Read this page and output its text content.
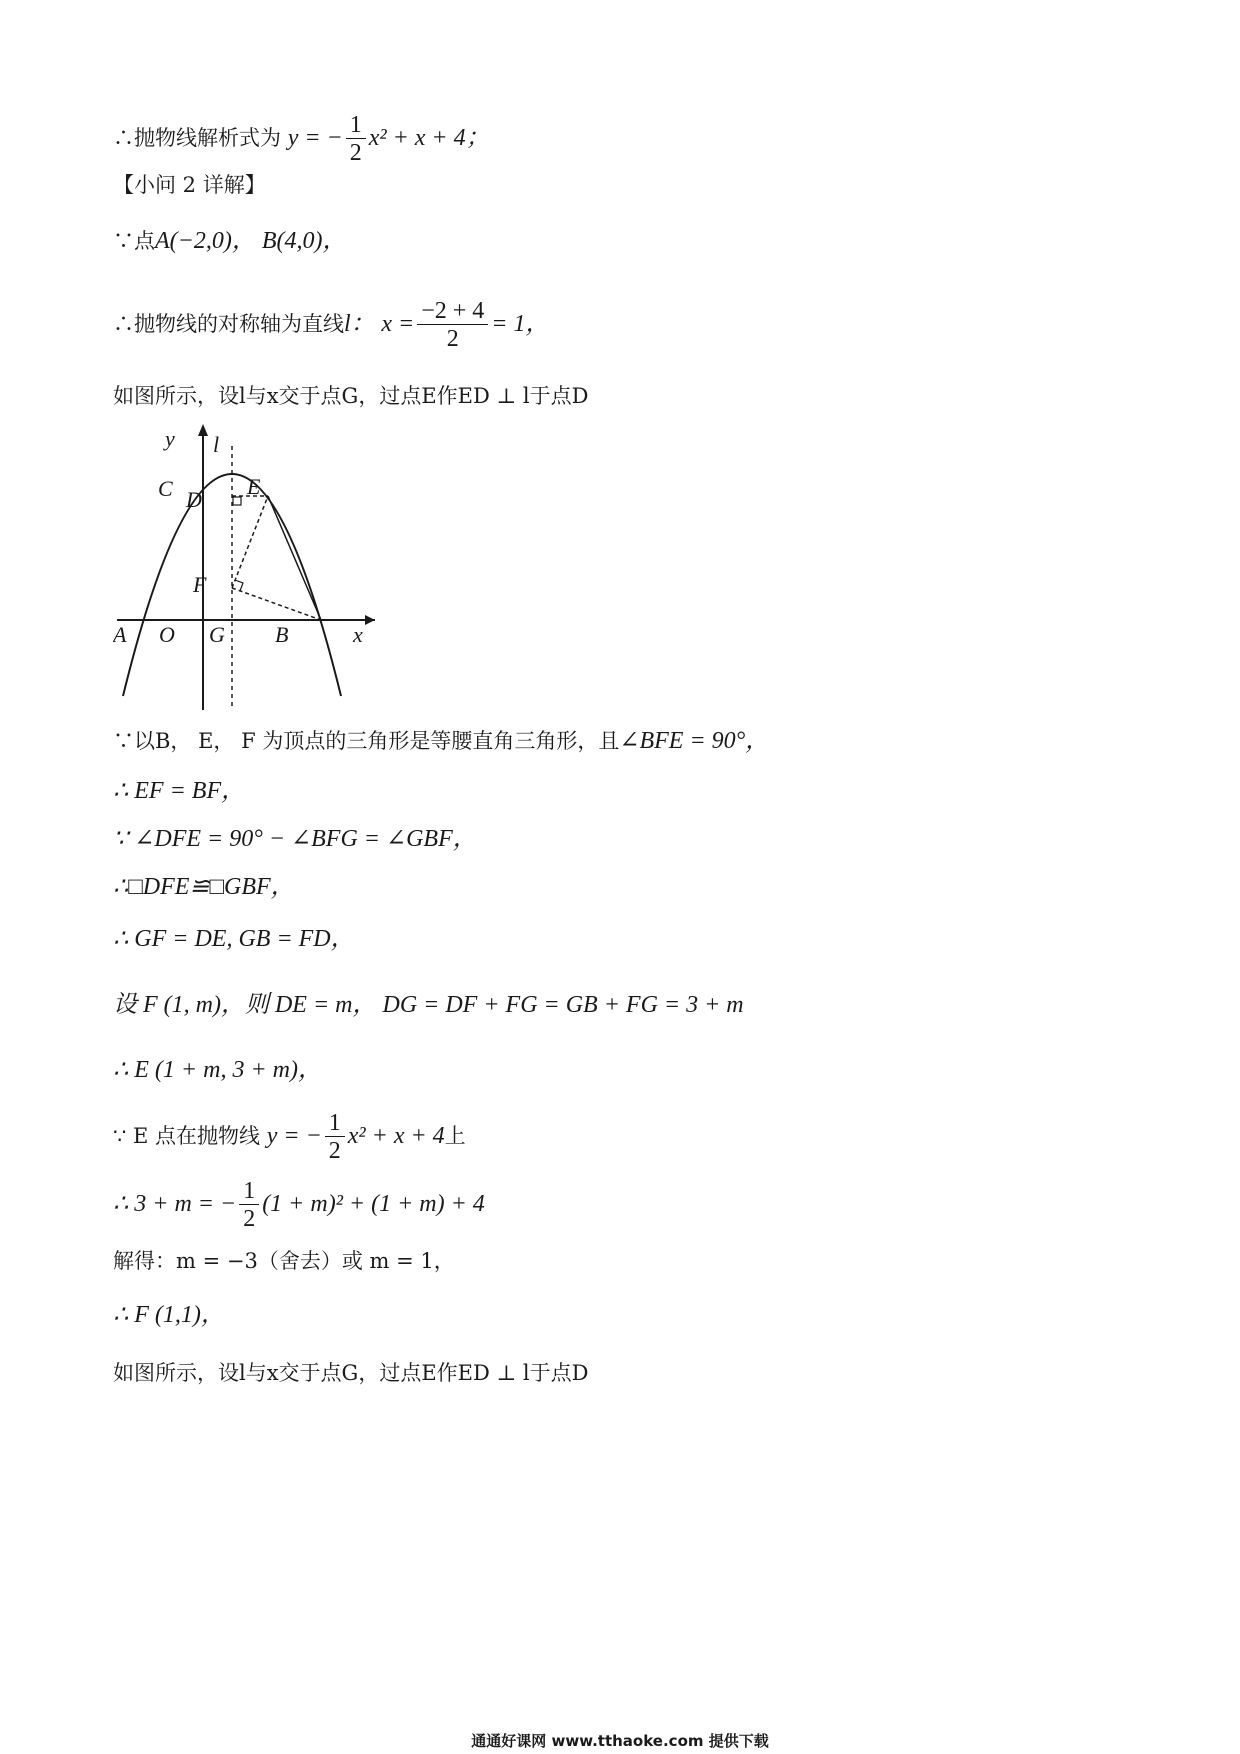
∴抛物线解析式为 y = − $\frac{1}{2} x^2 + x + 4$；
【小问 2 详解】
∵点A(−2,0)， B(4,0)，
∴抛物线的对称轴为直线l： $x = \frac{-2 + 4}{2} = 1$，
如图所示，设l与x交于点G，过点E作ED ⊥ l于点D
y l
C D
E
F
A O G B	x
∵以B， E， F 为顶点的三角形是等腰直角三角形，且∠BFE = 90°，
∴ EF = BF，
∵ ∠DFE = 90° − ∠BFG = ∠GBF，
∴□DFE≌□GBF，
∴ GF = DE, GB = FD，
设 F (1, m)，则 DE = m， DG = DF + FG = GB + FG = 3 + m
∴ E (1 + m, 3 + m)，
∵ E 点在抛物线 y = − $\frac{1}{2} x^2 + x + 4$上
∴ 3 + m = − $\frac{1}{2} (1 + m)^2 + (1 + m) + 4$
解得：m = −3（舍去）或 m = 1，
∴ F (1,1)，
如图所示，设l与x交于点G，过点E作ED ⊥ l于点D
通通好课网 www.tthaoke.com 提供下载
